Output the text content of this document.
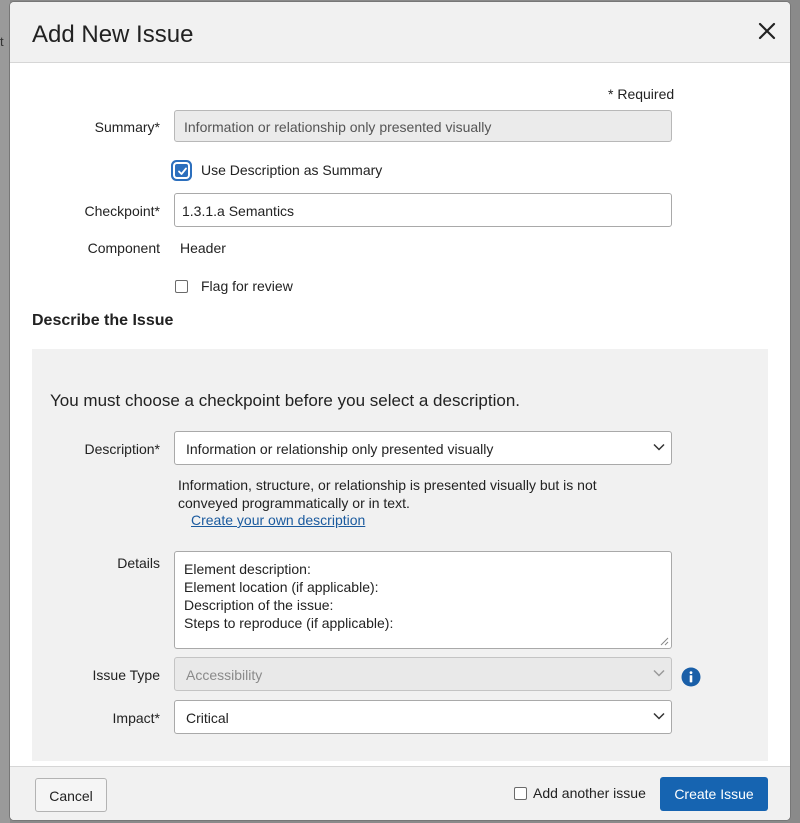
t Add New Issue
* Required
Summary*	Information or relationship only presented visually
Use Description as Summary
Checkpoint*	1.3.1.a Semantics
Component Header
Flag for review
Describe the Issue
You must choose a checkpoint before you select a description.
Description*	Information or relationship only presented visually
Information, structure, or relationship is presented visually but is not
conveyed programmatically or in text.
Create your own description
Details Element description:
Element location (if applicable):
Description of the issue:
Steps to reproduce (if applicable):
Issue Type	Accessibility
Impact*	Critical
Cancel	Add another issue	Create Issue
